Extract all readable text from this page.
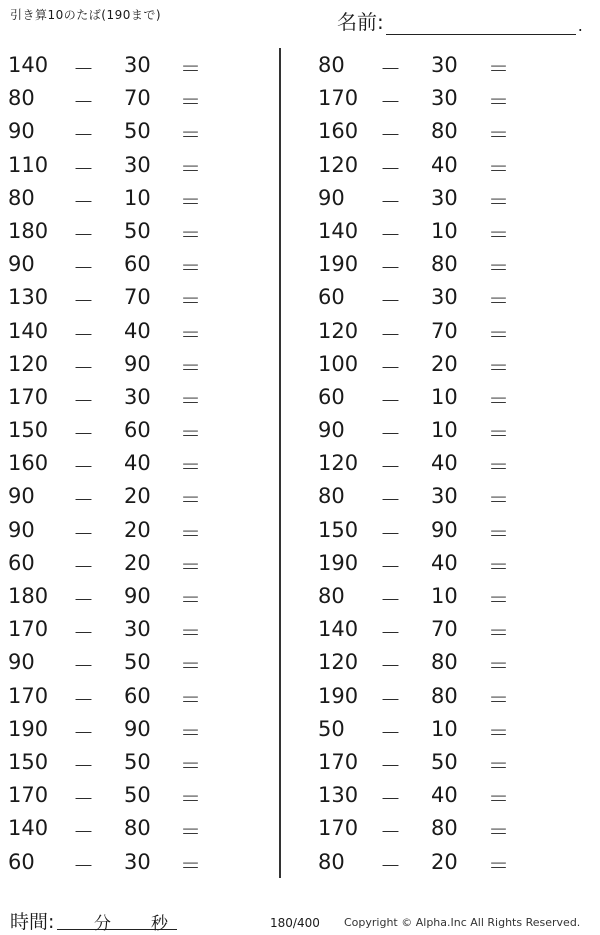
引き算10のたば(190まで)	名前:	.
140 － 30 ＝
80	－ 70 ＝
90	－ 50 ＝
110 － 30 ＝
80	－ 10 ＝
180 － 50 ＝
90	－ 60 ＝
130 － 70 ＝
140 － 40 ＝
120 － 90 ＝
170 － 30 ＝
150 － 60 ＝
160 － 40 ＝
90	－ 20 ＝
90	－ 20 ＝
60	－ 20 ＝
180 － 90 ＝
170 － 30 ＝
90	－ 50 ＝
170 － 60 ＝
190 － 90 ＝
150 － 50 ＝
170 － 50 ＝
140 － 80 ＝
60	－ 30 ＝
80	－ 30 ＝
170 － 30 ＝
160 － 80 ＝
120 － 40 ＝
90	－ 30 ＝
140 － 10 ＝
190 － 80 ＝
60	－ 30 ＝
120 － 70 ＝
100 － 20 ＝
60	－ 10 ＝
90	－ 10 ＝
120 － 40 ＝
80	－ 30 ＝
150 － 90 ＝
190 － 40 ＝
80	－ 10 ＝
140 － 70 ＝
120 － 80 ＝
190 － 80 ＝
50	－ 10 ＝
170 － 50 ＝
130 － 40 ＝
170 － 80 ＝
80	－ 20 ＝
時間: 分 秒	180/400 Copyright © Alpha.Inc All Rights Reserved.
